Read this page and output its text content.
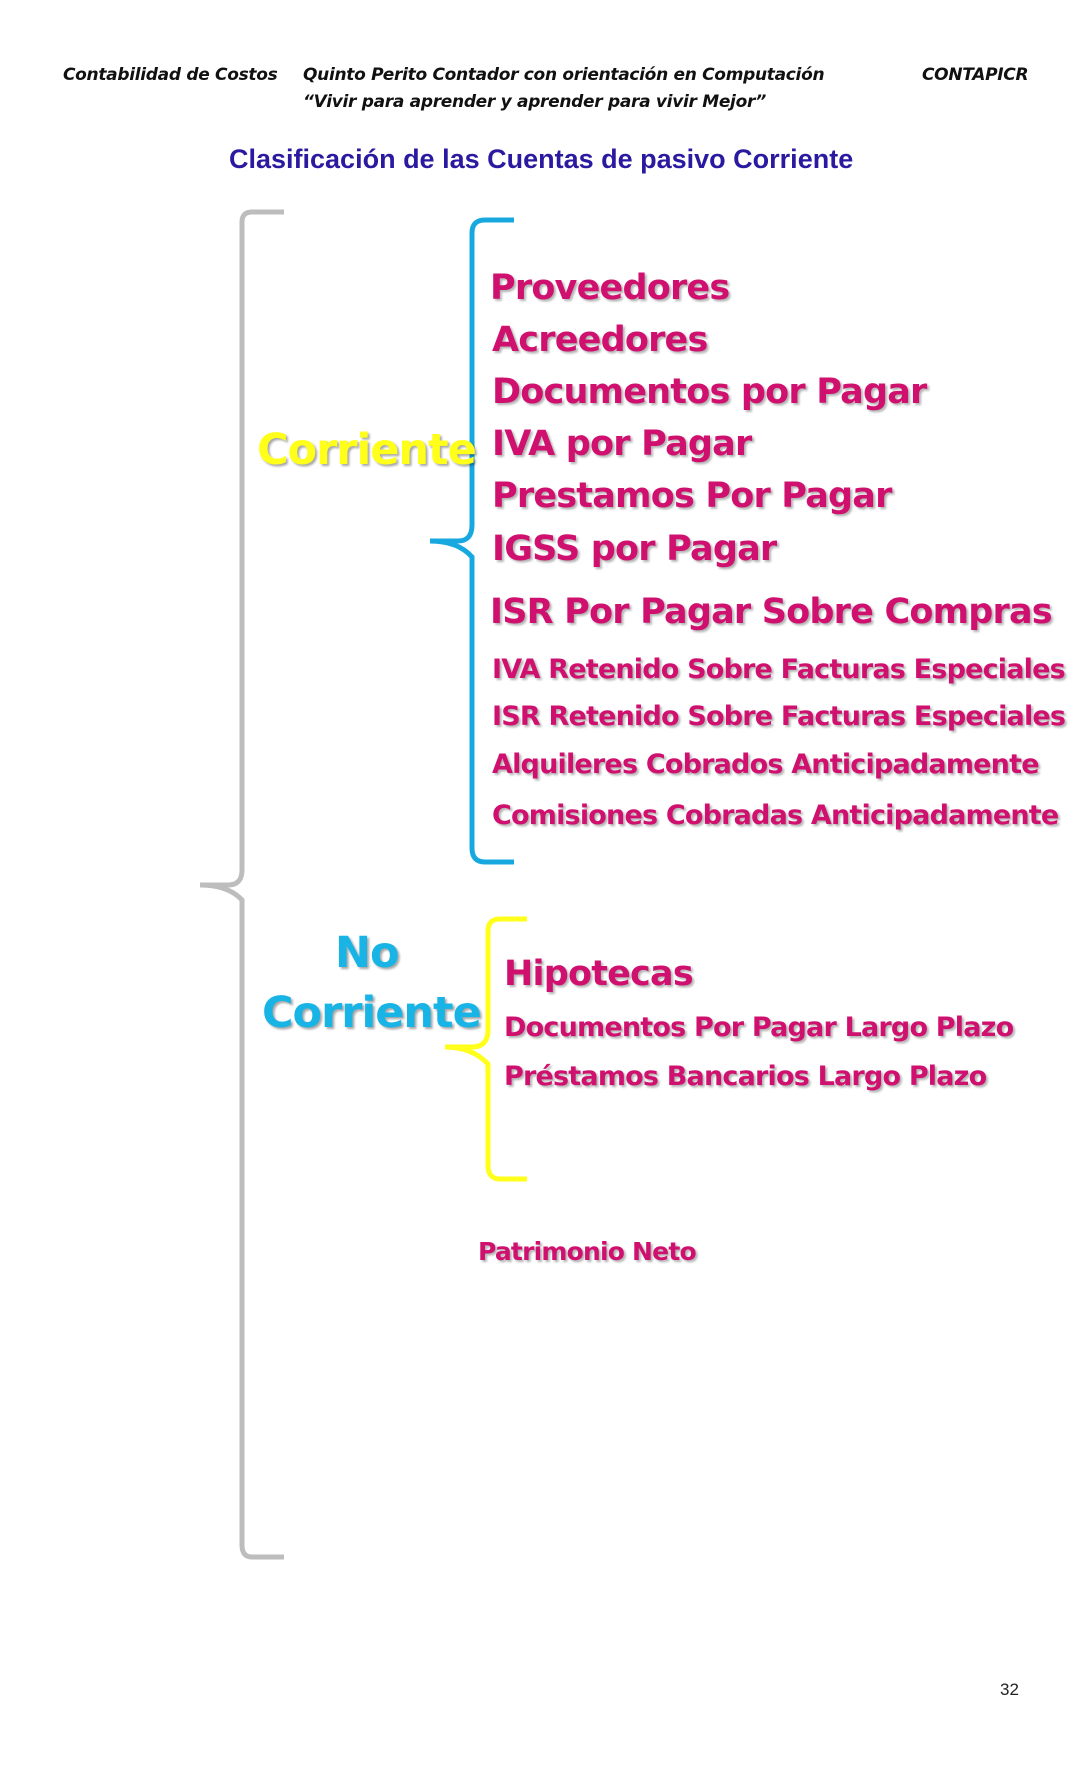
Contabilidad de Costos Quinto Perito Contador con orientación en Computación
“Vivir para aprender y aprender para vivir Mejor”
CONTAPICR
Clasificación de las Cuentas de pasivo Corriente
Corriente
No
Corriente
Proveedores
Acreedores
Documentos por Pagar
IVA por Pagar
Prestamos Por Pagar
IGSS por Pagar
ISR Por Pagar Sobre Compras
IVA Retenido Sobre Facturas Especiales
ISR Retenido Sobre Facturas Especiales
Alquileres Cobrados Anticipadamente
Comisiones Cobradas Anticipadamente
Hipotecas
Documentos Por Pagar Largo Plazo
Préstamos Bancarios Largo Plazo
Patrimonio Neto
32
